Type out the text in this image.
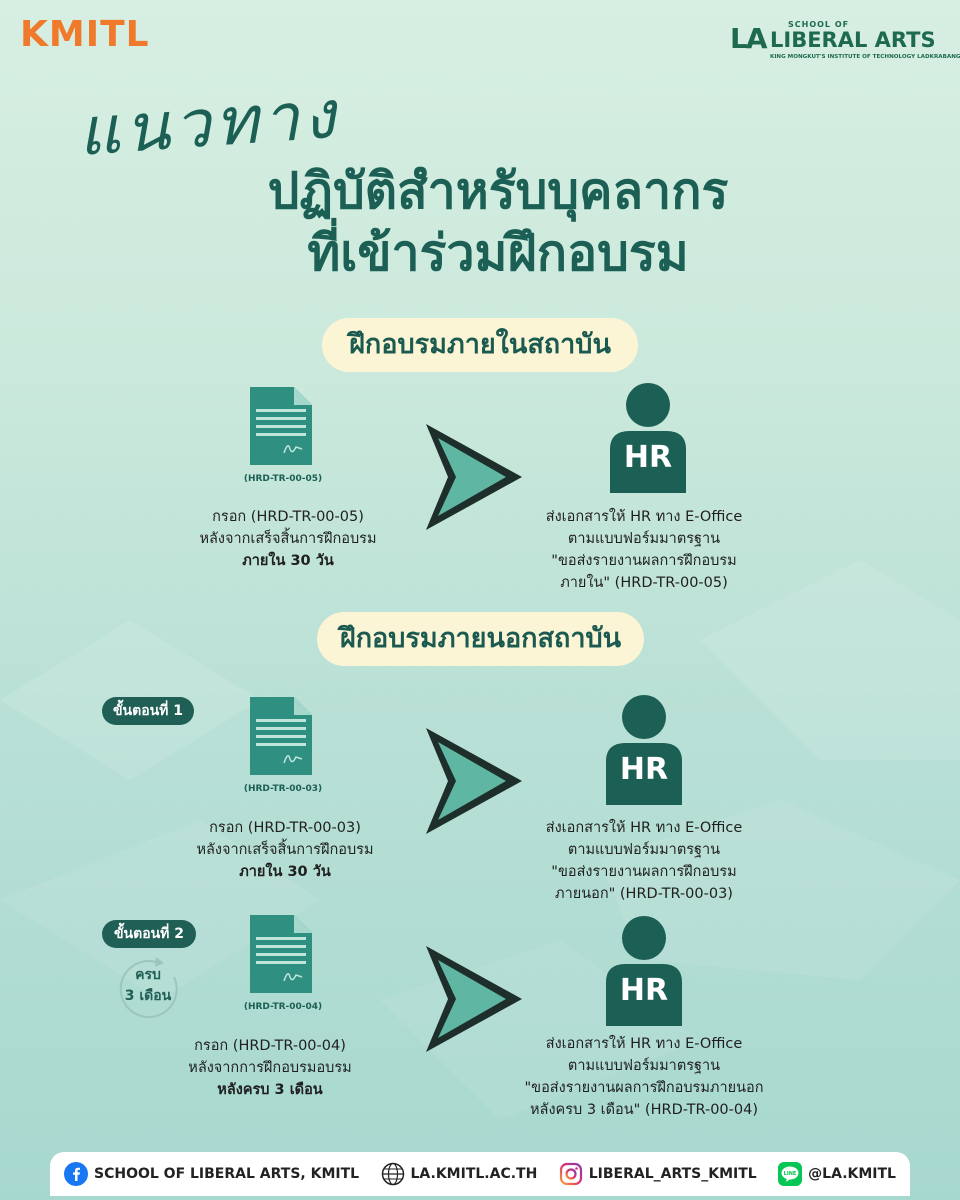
KMITL	LA	SCHOOL OF
LIBERAL ARTS
KING MONGKUT'S INSTITUTE OF TECHNOLOGY LADKRABANG
แนวทาง
ปฏิบัติสำหรับบุคลากร
ที่เข้าร่วมฝึกอบรม
ฝึกอบรมภายในสถาบัน
(HRD-TR-00-05)
HR
กรอก (HRD-TR-00-05)
หลังจากเสร็จสิ้นการฝึกอบรม
ภายใน 30 วัน
ส่งเอกสารให้ HR ทาง E-Office
ตามแบบฟอร์มมาตรฐาน
"ขอส่งรายงานผลการฝึกอบรม
ภายใน" (HRD-TR-00-05)
ฝึกอบรมภายนอกสถาบัน
ขั้นตอนที่ 1
(HRD-TR-00-03)
HR
กรอก (HRD-TR-00-03)
หลังจากเสร็จสิ้นการฝึกอบรม
ภายใน 30 วัน
ส่งเอกสารให้ HR ทาง E-Office
ตามแบบฟอร์มมาตรฐาน
"ขอส่งรายงานผลการฝึกอบรม
ภายนอก" (HRD-TR-00-03)
ขั้นตอนที่ 2
ครบ
3 เดือน
(HRD-TR-00-04)	HR
กรอก (HRD-TR-00-04)
หลังจากการฝึกอบรมอบรม
หลังครบ 3 เดือน
ส่งเอกสารให้ HR ทาง E-Office
ตามแบบฟอร์มมาตรฐาน
"ขอส่งรายงานผลการฝึกอบรมภายนอก
หลังครบ 3 เดือน" (HRD-TR-00-04)
SCHOOL OF LIBERAL ARTS, KMITL	LA.KMITL.AC.TH	LIBERAL_ARTS_KMITL	LINE @LA.KMITL
